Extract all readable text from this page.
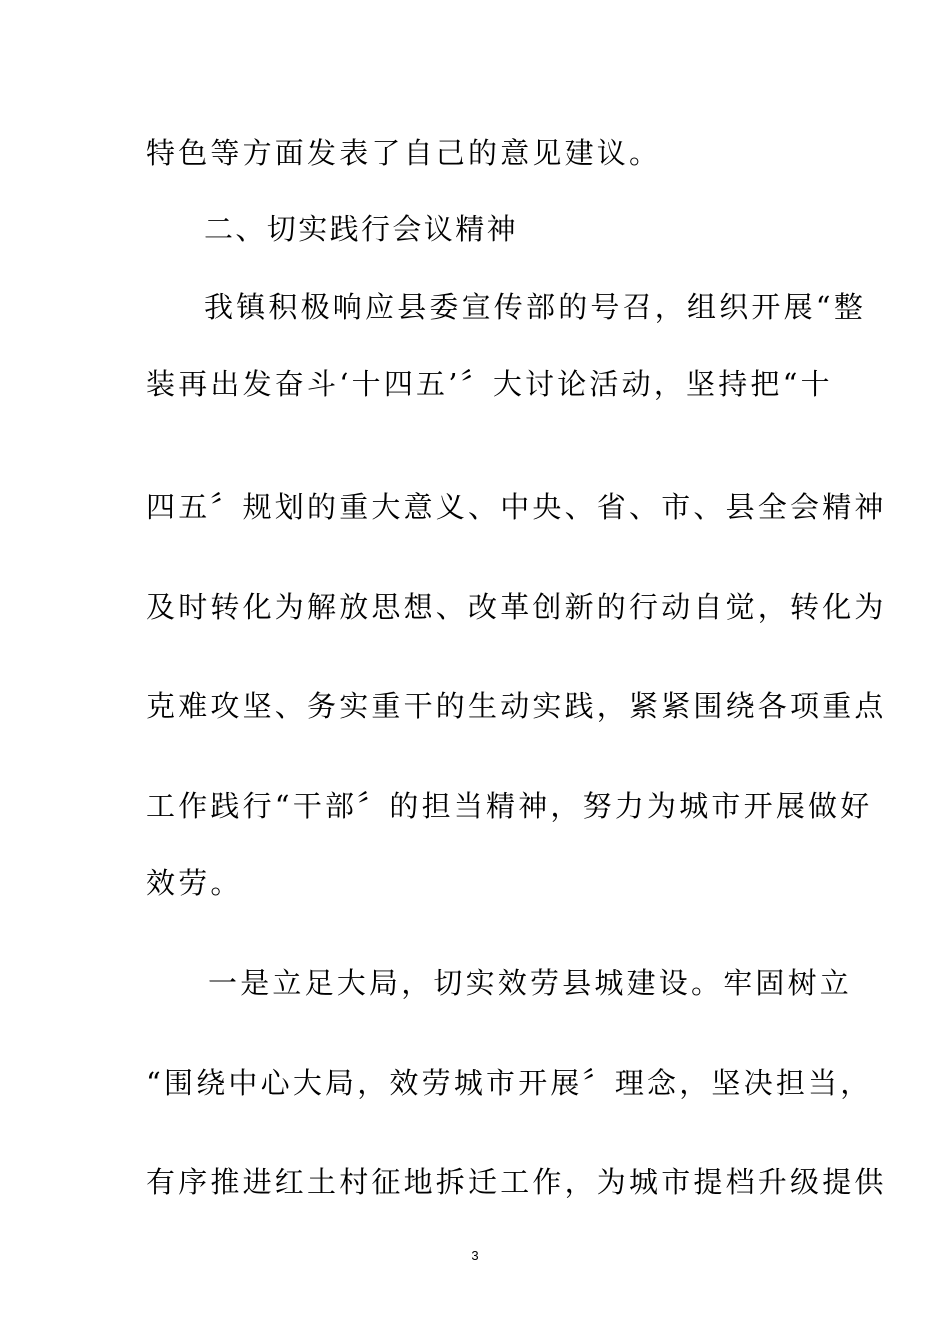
特色等方面发表了自己的意见建议。
二、切实践行会议精神
我镇积极响应县委宣传部的号召，组织开展“整
装再出发奋斗‘十四五’〞大讨论活动，坚持把“十
四五〞规划的重大意义、中央、省、市、县全会精神
及时转化为解放思想、改革创新的行动自觉，转化为
克难攻坚、务实重干的生动实践，紧紧围绕各项重点
工作践行“干部〞的担当精神，努力为城市开展做好
效劳。
一是立足大局，切实效劳县城建设。牢固树立
“围绕中心大局，效劳城市开展〞理念，坚决担当，
有序推进红土村征地拆迁工作，为城市提档升级提供
3
